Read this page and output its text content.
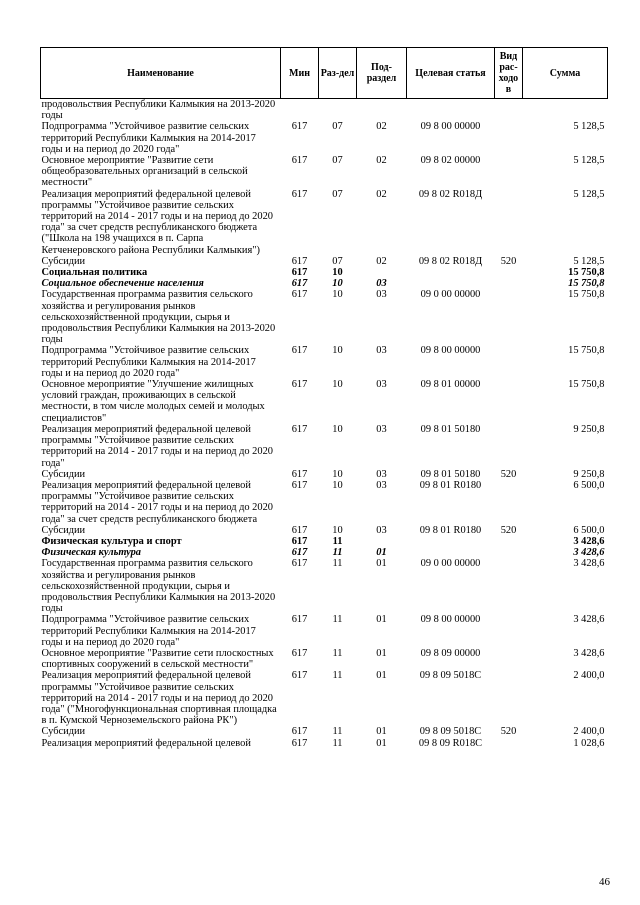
Наименование	Мин	Раз-дел	Под-раздел	Целевая статья	Вид рас-ходо в	Сумма
продовольствия Республики Калмыкия на 2013-2020 годы						
Подпрограмма "Устойчивое развитие сельских территорий Республики Калмыкия на 2014-2017 годы и на период до 2020 года"	617	07	02	09 8 00 00000		5 128,5
Основное мероприятие "Развитие сети общеобразовательных организаций в сельской местности"	617	07	02	09 8 02 00000		5 128,5
Реализация мероприятий федеральной целевой программы "Устойчивое развитие сельских территорий на 2014 - 2017 годы и на период до 2020 года" за счет средств республиканского бюджета ("Школа на 198 учащихся в п. Сарпа Кетченеровского района Республики Калмыкия")	617	07	02	09 8 02 R018Д		5 128,5
Субсидии	617	07	02	09 8 02 R018Д	520	5 128,5
Социальная политика	617	10				15 750,8
Социальное обеспечение населения	617	10	03			15 750,8
Государственная программа развития сельского хозяйства и регулирования рынков сельскохозяйственной продукции, сырья и продовольствия Республики Калмыкия на 2013-2020 годы	617	10	03	09 0 00 00000		15 750,8
Подпрограмма "Устойчивое развитие сельских территорий Республики Калмыкия на 2014-2017 годы и на период до 2020 года"	617	10	03	09 8 00 00000		15 750,8
Основное мероприятие "Улучшение жилищных условий граждан, проживающих в сельской местности, в том числе молодых семей и молодых специалистов"	617	10	03	09 8 01 00000		15 750,8
Реализация мероприятий федеральной целевой программы "Устойчивое развитие сельских территорий на 2014 - 2017 годы и на период до 2020 года"	617	10	03	09 8 01 50180		9 250,8
Субсидии	617	10	03	09 8 01 50180	520	9 250,8
Реализация мероприятий федеральной целевой программы "Устойчивое развитие сельских территорий на 2014 - 2017 годы и на период до 2020 года" за счет средств республиканского бюджета	617	10	03	09 8 01 R0180		6 500,0
Субсидии	617	10	03	09 8 01 R0180	520	6 500,0
Физическая культура и спорт	617	11				3 428,6
Физическая культура	617	11	01			3 428,6
Государственная программа развития сельского хозяйства и регулирования рынков сельскохозяйственной продукции, сырья и продовольствия Республики Калмыкия на 2013-2020 годы	617	11	01	09 0 00 00000		3 428,6
Подпрограмма "Устойчивое развитие сельских территорий Республики Калмыкия на 2014-2017 годы и на период до 2020 года"	617	11	01	09 8 00 00000		3 428,6
Основное мероприятие "Развитие сети плоскостных спортивных сооружений в сельской местности"	617	11	01	09 8 09 00000		3 428,6
Реализация мероприятий федеральной целевой программы "Устойчивое развитие сельских территорий на 2014 - 2017 годы и на период до 2020 года" ("Многофункциональная спортивная площадка в п. Кумской Черноземельского района РК")	617	11	01	09 8 09 5018С		2 400,0
Субсидии	617	11	01	09 8 09 5018С	520	2 400,0
Реализация мероприятий федеральной целевой	617	11	01	09 8 09 R018С		1 028,6
46
